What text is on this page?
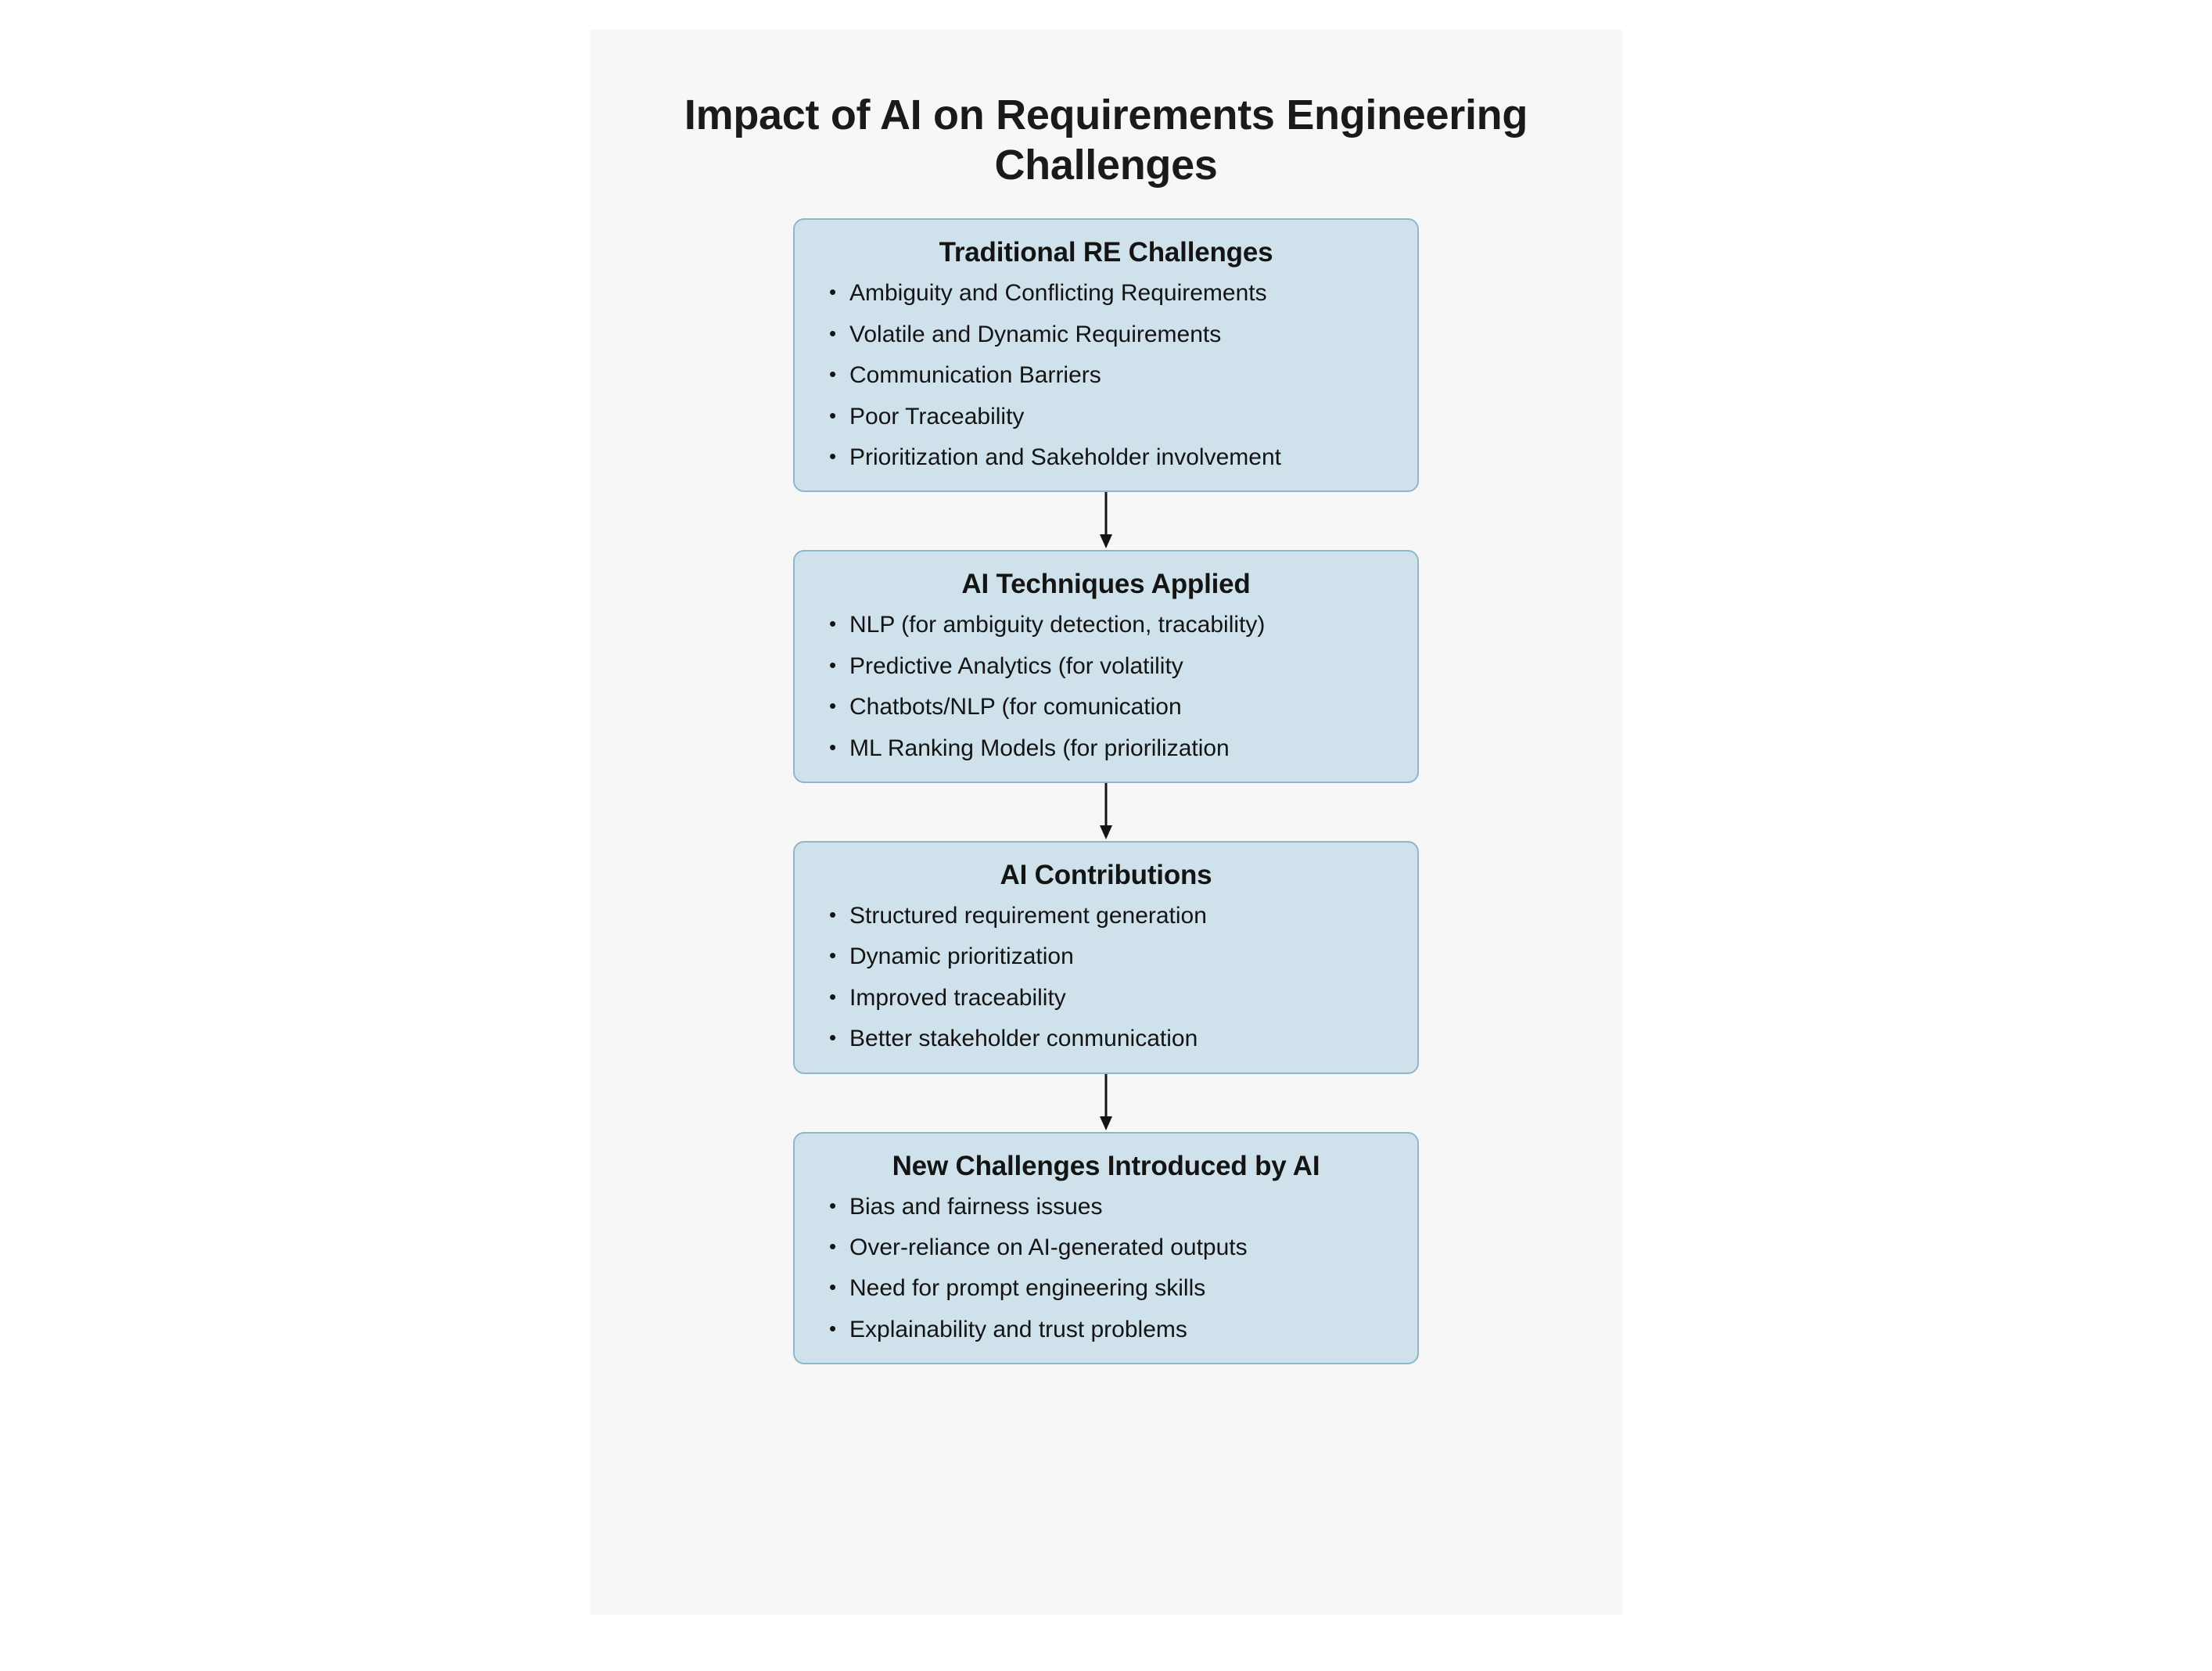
Impact of AI on Requirements Engineering Challenges
Traditional RE Challenges
• Ambiguity and Conflicting Requirements
• Volatile and Dynamic Requirements
• Communication Barriers
• Poor Traceability
• Prioritization and Sakeholder involvement
AI Techniques Applied
• NLP (for ambiguity detection, tracability)
• Predictive Analytics (for volatility
• Chatbots/NLP (for comunication
• ML Ranking Models (for priorilization
AI Contributions
• Structured requirement generation
• Dynamic prioritization
• Improved traceability
• Better stakeholder conmunication
New Challenges Introduced by AI
• Bias and fairness issues
• Over-reliance on AI-generated outputs
• Need for prompt engineering skills
• Explainability and trust problems
